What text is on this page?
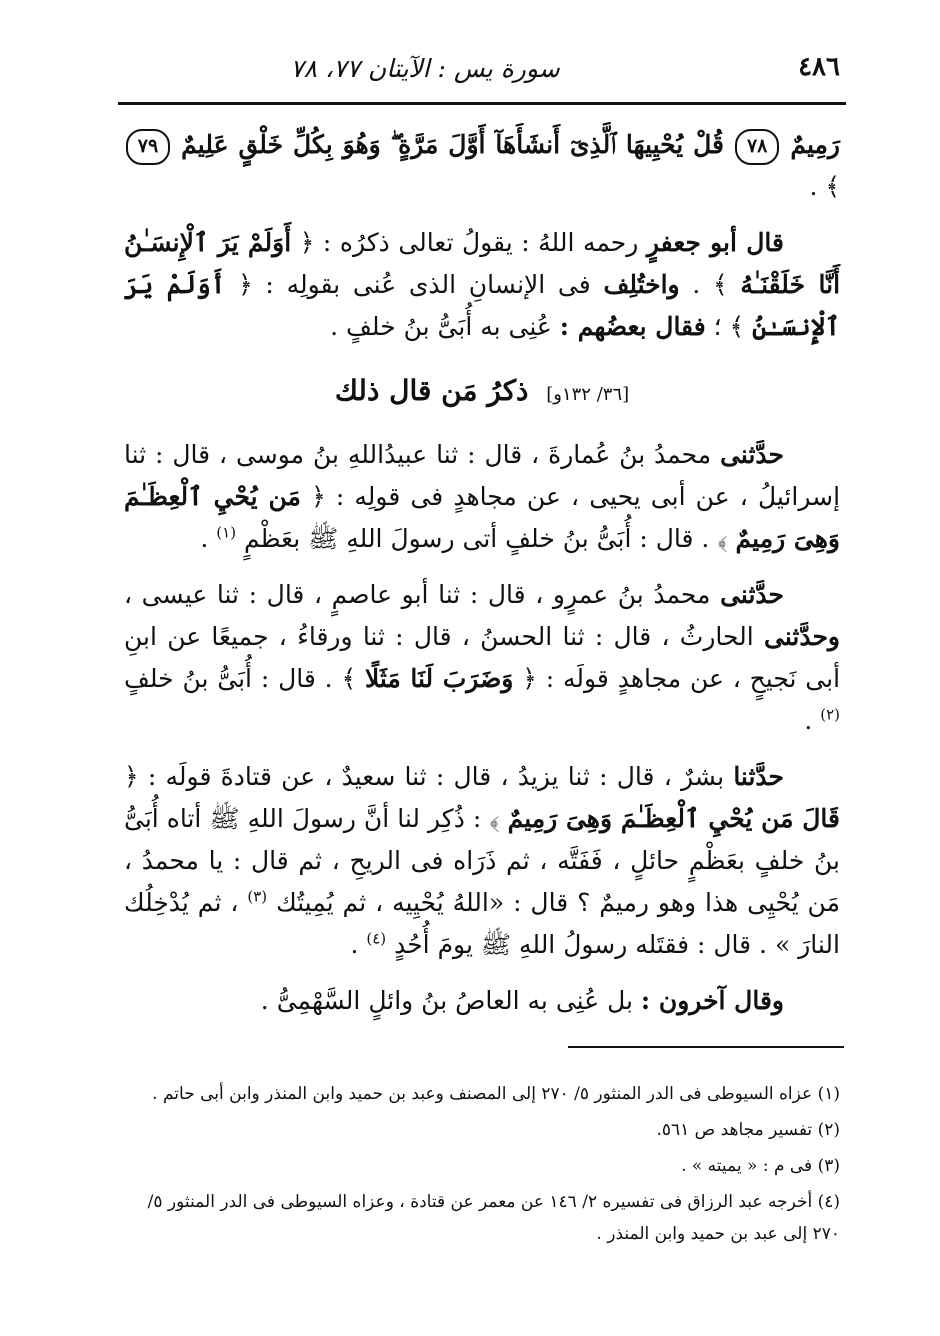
٤٨٦
سورة يس : الآيتان ٧٧، ٧٨

رَمِيمٌ ٧٨ قُلْ يُحْيِيهَا ٱلَّذِىٓ أَنشَأَهَآ أَوَّلَ مَرَّةٍ ۖ وَهُوَ بِكُلِّ خَلْقٍ عَلِيمٌ ٧٩ ﴾ .

قال أبو جعفرٍ رحمه اللهُ : يقولُ تعالى ذكرُه : ﴿ أَوَلَمْ يَرَ ٱلْإِنسَـٰنُ أَنَّا خَلَقْنَـٰهُ ﴾ . واختُلِف فى الإنسانِ الذى عُنى بقولِه : ﴿ أَوَلَمْ يَرَ ٱلْإِنسَـٰنُ ﴾ ؛ فقال بعضُهم : عُنِى به أُبَىُّ بنُ خلفٍ .

[٣٦/ ١٣٢و] ذكرُ مَن قال ذلك

حدَّثنى محمدُ بنُ عُمارةَ ، قال : ثنا عبيدُاللهِ بنُ موسى ، قال : ثنا إسرائيلُ ، عن أبى يحيى ، عن مجاهدٍ فى قولِه : ﴿ مَن يُحْيِ ٱلْعِظَـٰمَ وَهِىَ رَمِيمٌ ﴾ . قال : أُبَىُّ بنُ خلفٍ أتى رسولَ اللهِ ﷺ بعَظْمٍ $^{(١)}$ .

حدَّثنى محمدُ بنُ عمرٍو ، قال : ثنا أبو عاصمٍ ، قال : ثنا عيسى ، وحدَّثنى الحارثُ ، قال : ثنا الحسنُ ، قال : ثنا ورقاءُ ، جميعًا عن ابنِ أبى نَجيحٍ ، عن مجاهدٍ قولَه : ﴿ وَضَرَبَ لَنَا مَثَلًا ﴾ . قال : أُبَىُّ بنُ خلفٍ $^{(٢)}$ .

حدَّثنا بشرٌ ، قال : ثنا يزيدُ ، قال : ثنا سعيدٌ ، عن قتادةَ قولَه : ﴿ قَالَ مَن يُحْيِ ٱلْعِظَـٰمَ وَهِىَ رَمِيمٌ ﴾ : ذُكِر لنا أنَّ رسولَ اللهِ ﷺ أتاه أُبَىُّ بنُ خلفٍ بعَظْمٍ حائلٍ ، فَفَتَّه ، ثم ذَرَاه فى الريحِ ، ثم قال : يا محمدُ ، مَن يُحْيِى هذا وهو رميمٌ ؟ قال : «اللهُ يُحْيِيه ، ثم يُمِيتُك $^{(٣)}$ ، ثم يُدْخِلُك النارَ » . قال : فقتَله رسولُ اللهِ ﷺ يومَ أُحُدٍ $^{(٤)}$ .

وقال آخرون : بل عُنِى به العاصُ بنُ وائلٍ السَّهْمِىُّ .

(١) عزاه السيوطى فى الدر المنثور ٥/ ٢٧٠ إلى المصنف وعبد بن حميد وابن المنذر وابن أبى حاتم .

(٢) تفسير مجاهد ص ٥٦١.

(٣) فى م : « يميته » .

(٤) أخرجه عبد الرزاق فى تفسيره ٢/ ١٤٦ عن معمر عن قتادة ، وعزاه السيوطى فى الدر المنثور ٥/ ٢٧٠ إلى عبد بن حميد وابن المنذر .
